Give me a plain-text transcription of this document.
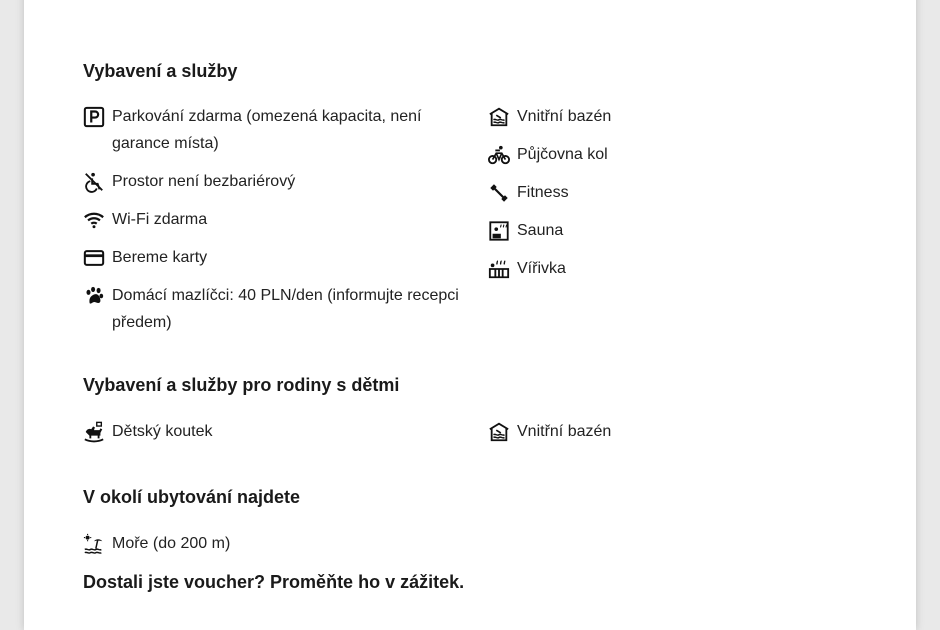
Vybavení a služby
Parkování zdarma (omezená kapacita, není garance místa)
Prostor není bezbariérový
Wi-Fi zdarma
Bereme karty
Domácí mazlíčci: 40 PLN/den (informujte recepci předem)
Vnitřní bazén
Půjčovna kol
Fitness
Sauna
Vířivka
Vybavení a služby pro rodiny s dětmi
Dětský koutek	Vnitřní bazén
V okolí ubytování najdete
Moře (do 200 m)
Dostali jste voucher? Proměňte ho v zážitek.
